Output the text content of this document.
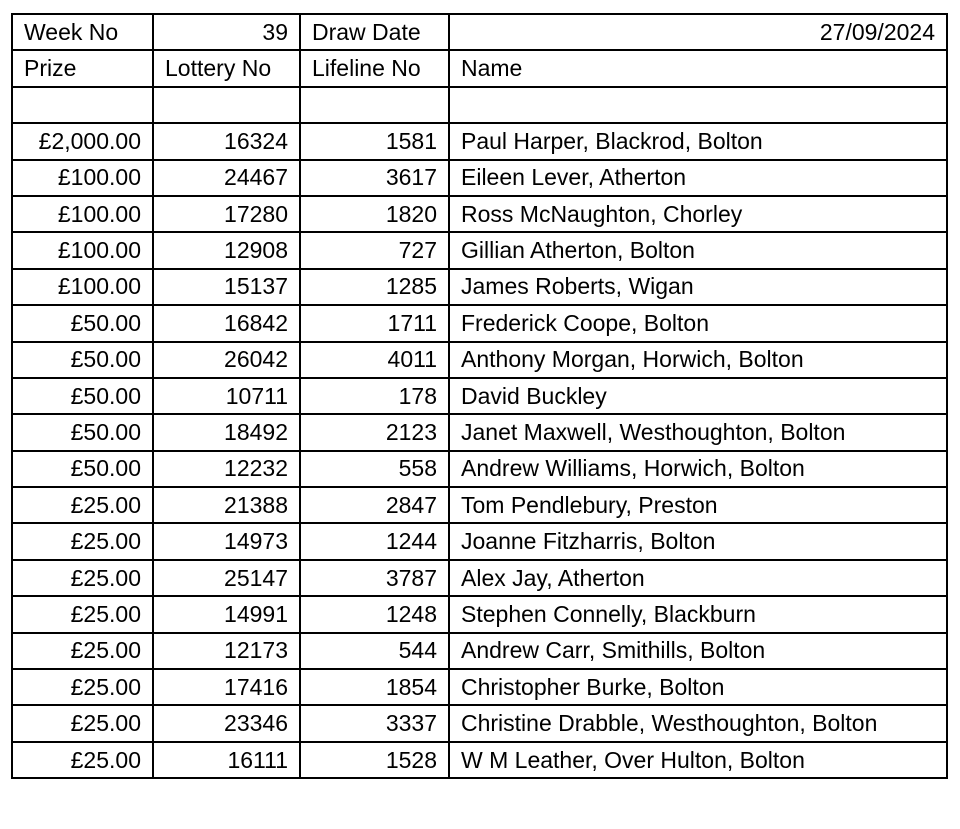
Week No	39	Draw Date	27/09/2024
Prize	Lottery No	Lifeline No	Name

£2,000.00	16324	1581	Paul Harper, Blackrod, Bolton
£100.00	24467	3617	Eileen Lever, Atherton
£100.00	17280	1820	Ross McNaughton, Chorley
£100.00	12908	727	Gillian Atherton, Bolton
£100.00	15137	1285	James Roberts, Wigan
£50.00	16842	1711	Frederick Coope, Bolton
£50.00	26042	4011	Anthony Morgan, Horwich, Bolton
£50.00	10711	178	David Buckley
£50.00	18492	2123	Janet Maxwell, Westhoughton, Bolton
£50.00	12232	558	Andrew Williams, Horwich, Bolton
£25.00	21388	2847	Tom Pendlebury, Preston
£25.00	14973	1244	Joanne Fitzharris, Bolton
£25.00	25147	3787	Alex Jay, Atherton
£25.00	14991	1248	Stephen Connelly, Blackburn
£25.00	12173	544	Andrew Carr, Smithills, Bolton
£25.00	17416	1854	Christopher Burke, Bolton
£25.00	23346	3337	Christine Drabble, Westhoughton, Bolton
£25.00	16111	1528	W M Leather, Over Hulton, Bolton
